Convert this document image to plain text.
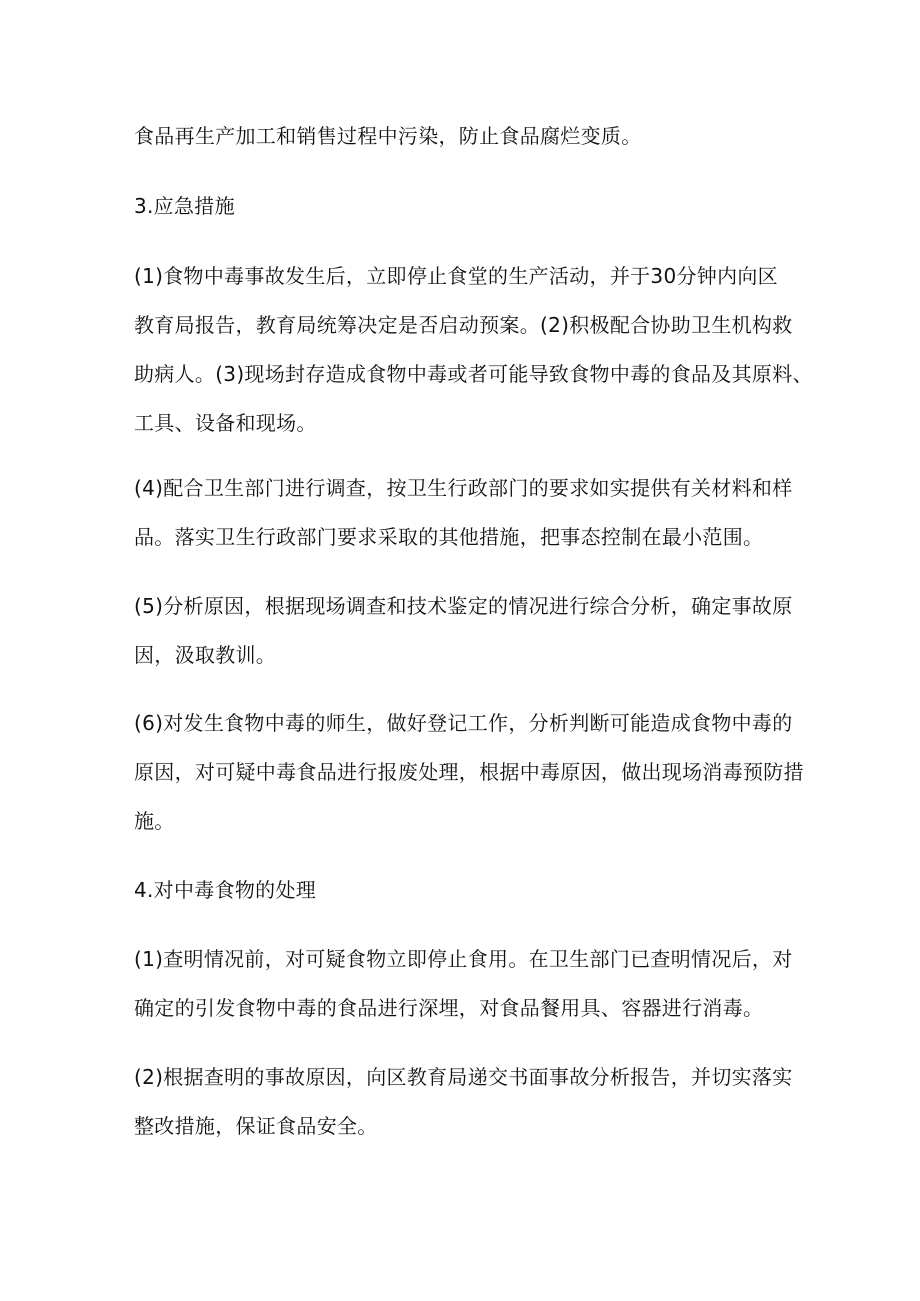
食品再生产加工和销售过程中污染，防止食品腐烂变质。
3.应急措施
(1)食物中毒事故发生后，立即停止食堂的生产活动，并于30分钟内向区
教育局报告，教育局统筹决定是否启动预案。(2)积极配合协助卫生机构救
助病人。(3)现场封存造成食物中毒或者可能导致食物中毒的食品及其原料、
工具、设备和现场。
(4)配合卫生部门进行调查，按卫生行政部门的要求如实提供有关材料和样
品。落实卫生行政部门要求采取的其他措施，把事态控制在最小范围。
(5)分析原因，根据现场调查和技术鉴定的情况进行综合分析，确定事故原
因，汲取教训。
(6)对发生食物中毒的师生，做好登记工作，分析判断可能造成食物中毒的
原因，对可疑中毒食品进行报废处理，根据中毒原因，做出现场消毒预防措
施。
4.对中毒食物的处理
(1)查明情况前，对可疑食物立即停止食用。在卫生部门已查明情况后，对
确定的引发食物中毒的食品进行深埋，对食品餐用具、容器进行消毒。
(2)根据查明的事故原因，向区教育局递交书面事故分析报告，并切实落实
整改措施，保证食品安全。
